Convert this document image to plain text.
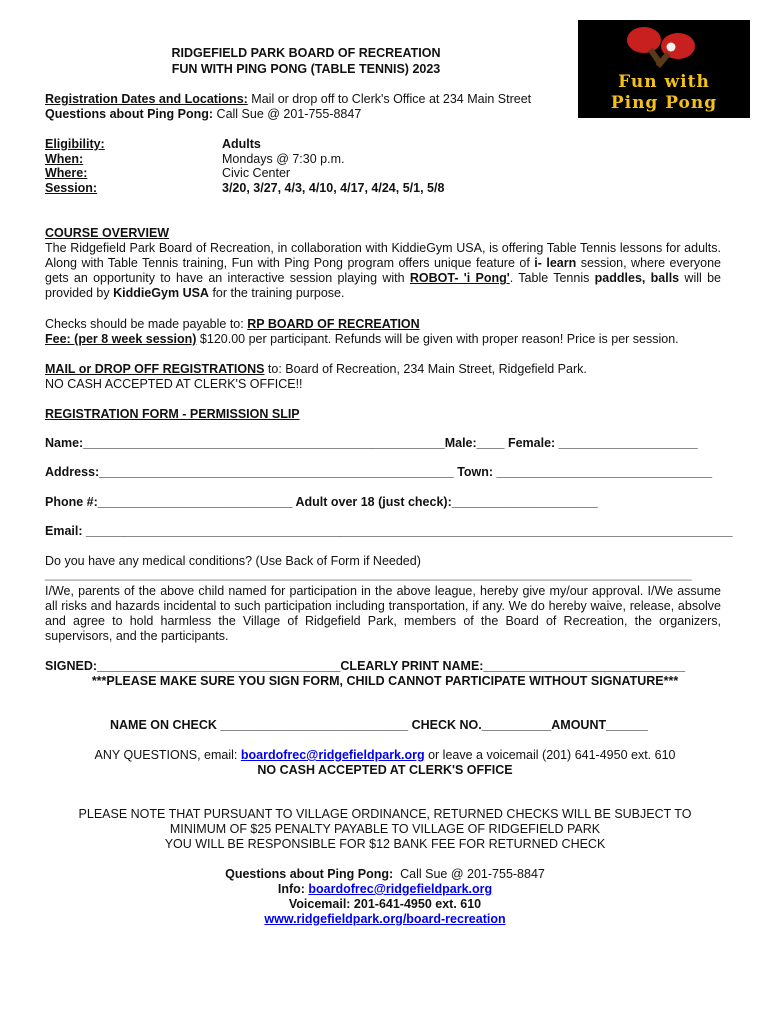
RIDGEFIELD PARK BOARD OF RECREATION
FUN WITH PING PONG (TABLE TENNIS) 2023
Fun with
Ping Pong
Registration Dates and Locations: Mail or drop off to Clerk's Office at 234 Main Street
Questions about Ping Pong: Call Sue @ 201-755-8847
Eligibility:	Adults
When:	Mondays @ 7:30 p.m.
Where:	Civic Center
Session:	3/20, 3/27, 4/3, 4/10, 4/17, 4/24, 5/1, 5/8
COURSE OVERVIEW
The Ridgefield Park Board of Recreation, in collaboration with KiddieGym USA, is offering Table Tennis lessons for adults. Along with Table Tennis training, Fun with Ping Pong program offers unique feature of i- learn session, where everyone gets an opportunity to have an interactive session playing with ROBOT- 'i Pong'. Table Tennis paddles, balls will be provided by KiddieGym USA for the training purpose.
Checks should be made payable to: RP BOARD OF RECREATION
Fee: (per 8 week session) $120.00 per participant. Refunds will be given with proper reason! Price is per session.
MAIL or DROP OFF REGISTRATIONS to: Board of Recreation, 234 Main Street, Ridgefield Park.
NO CASH ACCEPTED AT CLERK'S OFFICE!!
REGISTRATION FORM - PERMISSION SLIP
Name:____________________________________________________Male:____ Female: ____________________
Address:___________________________________________________ Town: _______________________________
Phone #:____________________________ Adult over 18 (just check):_____________________
Email: _____________________________________________________________________________________________
Do you have any medical conditions? (Use Back of Form if Needed)
_____________________________________________________________________________________________
I/We, parents of the above child named for participation in the above league, hereby give my/our approval. I/We assume all risks and hazards incidental to such participation including transportation, if any. We do hereby waive, release, absolve and agree to hold harmless the Village of Ridgefield Park, members of the Board of Recreation, the organizers, supervisors, and the participants.
SIGNED:___________________________________CLEARLY PRINT NAME:_____________________________
***PLEASE MAKE SURE YOU SIGN FORM, CHILD CANNOT PARTICIPATE WITHOUT SIGNATURE***
NAME ON CHECK ___________________________ CHECK NO.__________AMOUNT______
ANY QUESTIONS, email: boardofrec@ridgefieldpark.org or leave a voicemail (201) 641-4950 ext. 610
NO CASH ACCEPTED AT CLERK'S OFFICE
PLEASE NOTE THAT PURSUANT TO VILLAGE ORDINANCE, RETURNED CHECKS WILL BE SUBJECT TO
MINIMUM OF $25 PENALTY PAYABLE TO VILLAGE OF RIDGEFIELD PARK
YOU WILL BE RESPONSIBLE FOR $12 BANK FEE FOR RETURNED CHECK
Questions about Ping Pong: Call Sue @ 201-755-8847
Info: boardofrec@ridgefieldpark.org
Voicemail: 201-641-4950 ext. 610
www.ridgefieldpark.org/board-recreation
